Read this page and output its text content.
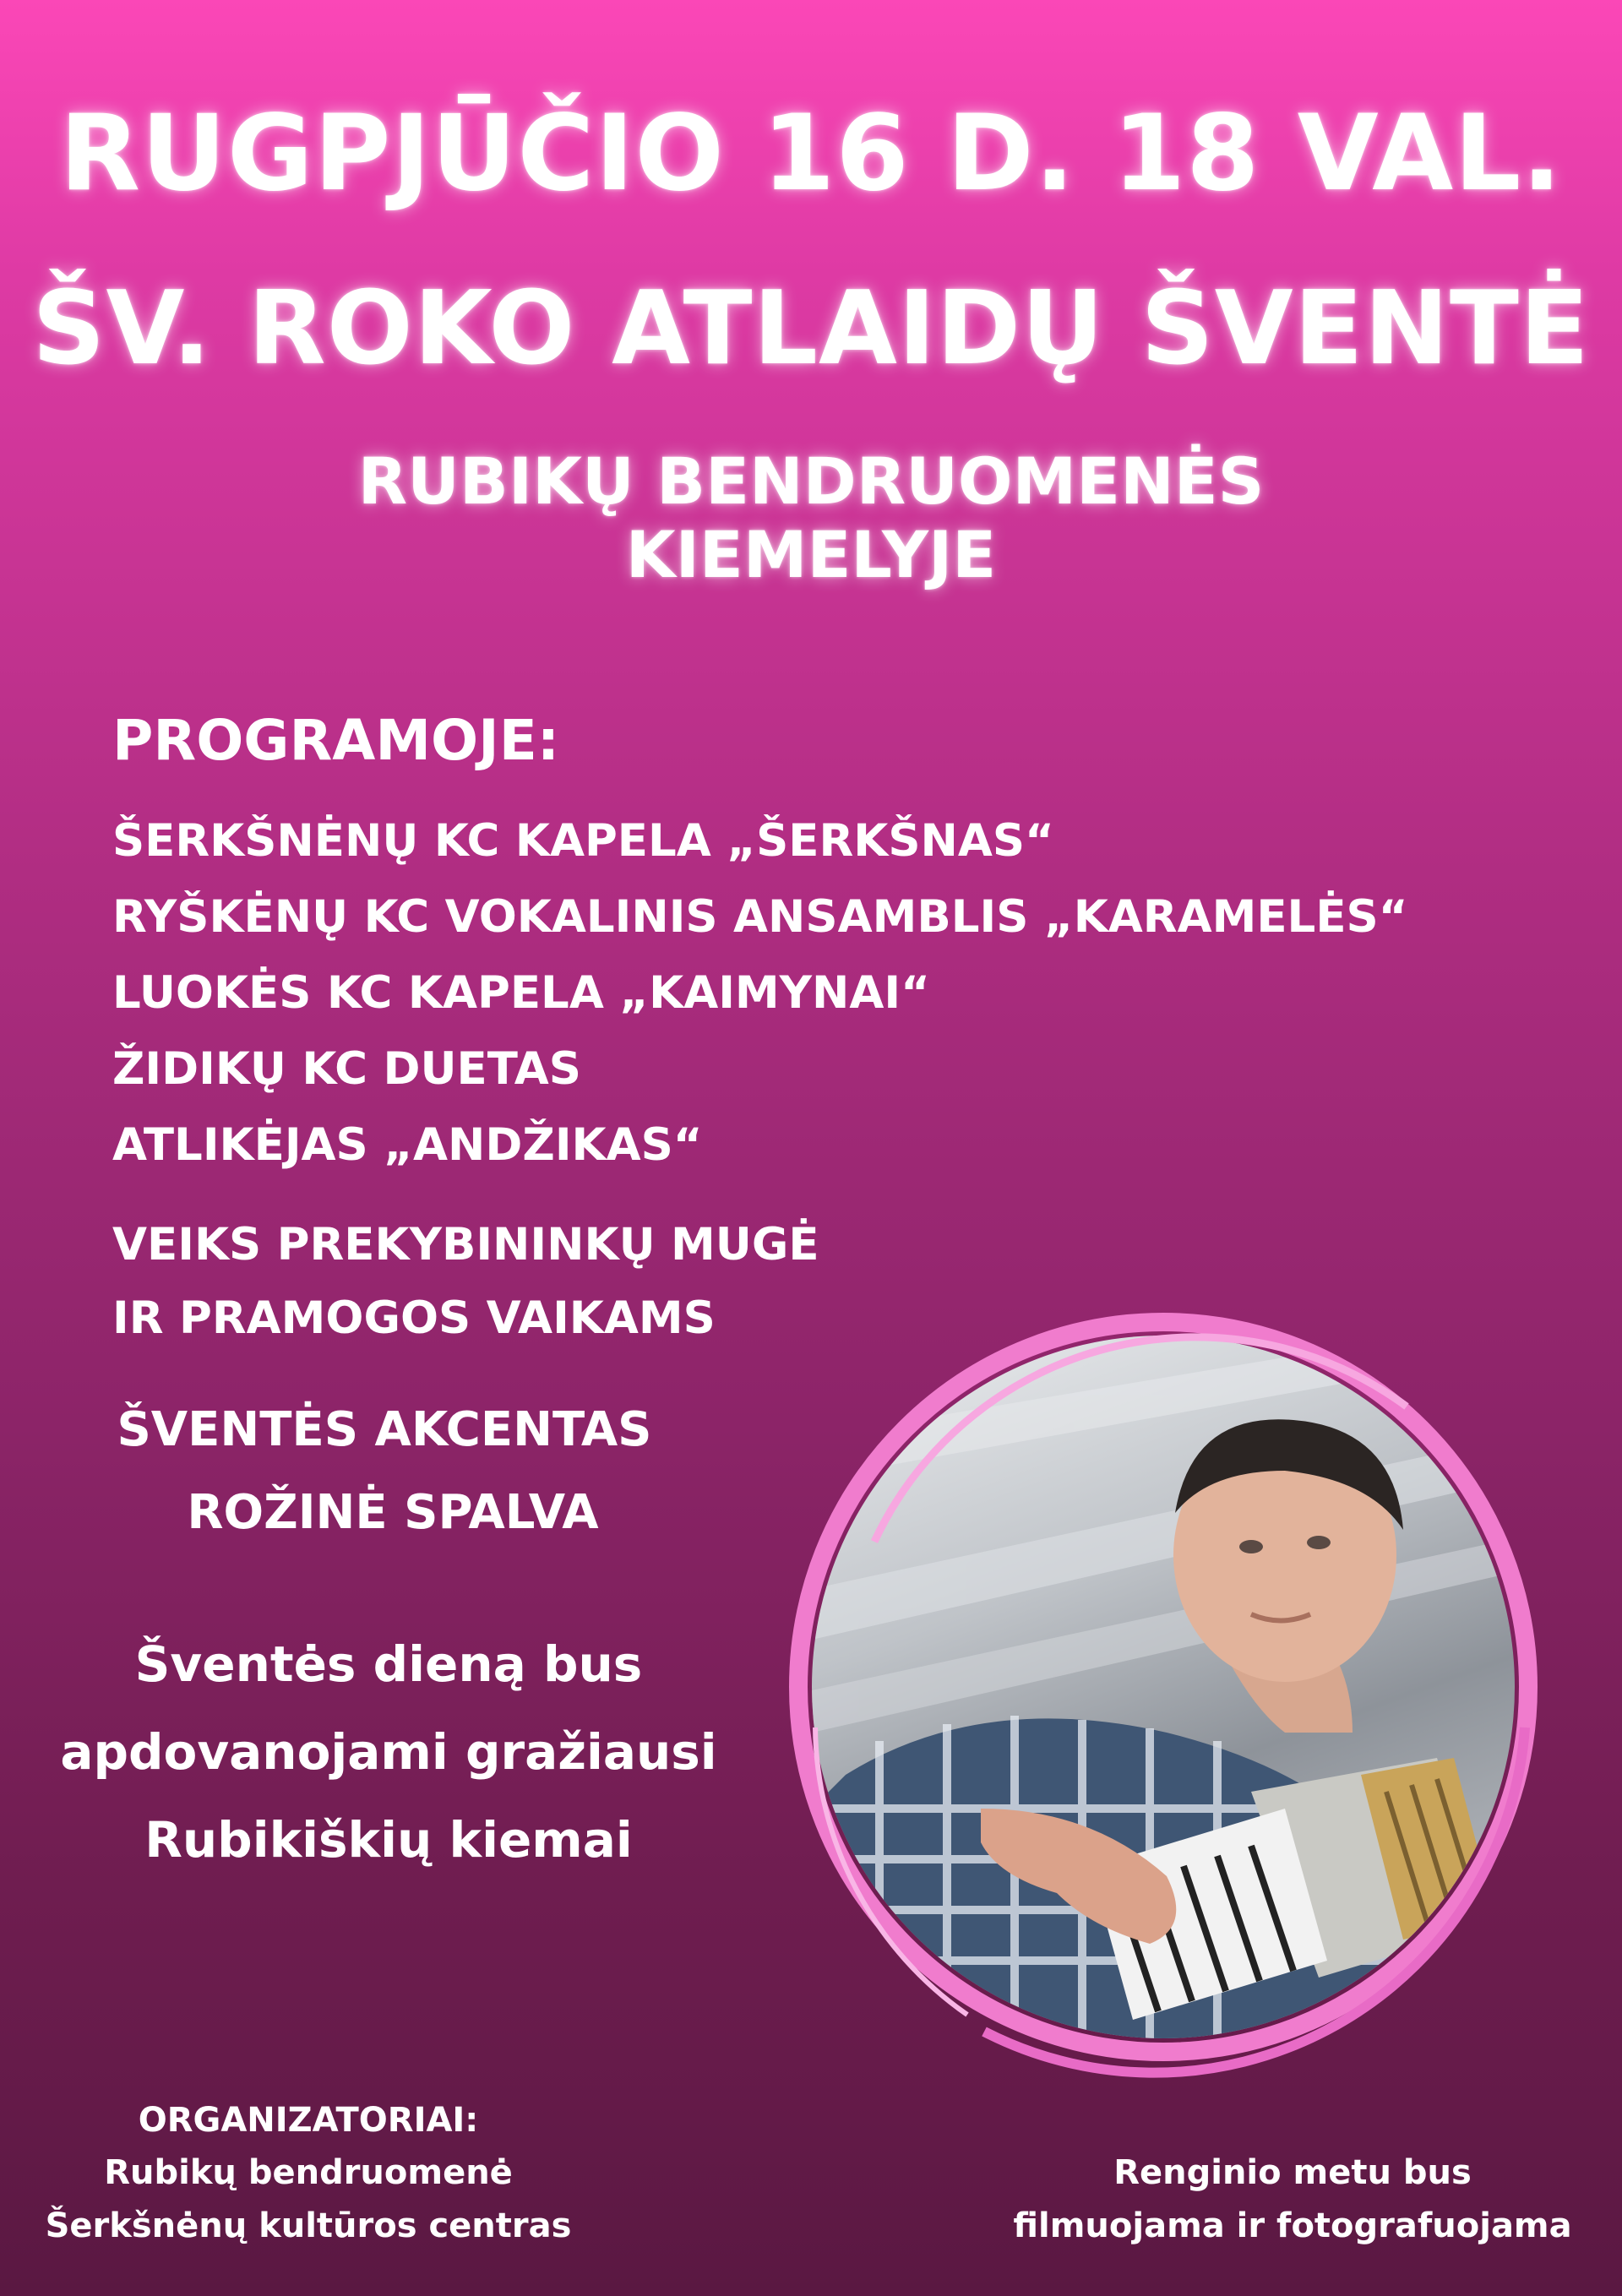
RUGPJŪČIO 16 D. 18 VAL.
ŠV. ROKO ATLAIDŲ ŠVENTĖ
RUBIKŲ BENDRUOMENĖS
KIEMELYJE
PROGRAMOJE:
ŠERKŠNĖNŲ KC KAPELA „ŠERKŠNAS“
RYŠKĖNŲ KC VOKALINIS ANSAMBLIS „KARAMELĖS“
LUOKĖS KC KAPELA „KAIMYNAI“
ŽIDIKŲ KC DUETAS
ATLIKĖJAS „ANDŽIKAS“
VEIKS PREKYBININKŲ MUGĖ
IR PRAMOGOS VAIKAMS
ŠVENTĖS AKCENTAS
ROŽINĖ SPALVA
Šventės dieną bus
apdovanojami gražiausi
Rubikiškių kiemai
ORGANIZATORIAI:
Rubikų bendruomenė
Šerkšnėnų kultūros centras
Renginio metu bus
filmuojama ir fotografuojama
